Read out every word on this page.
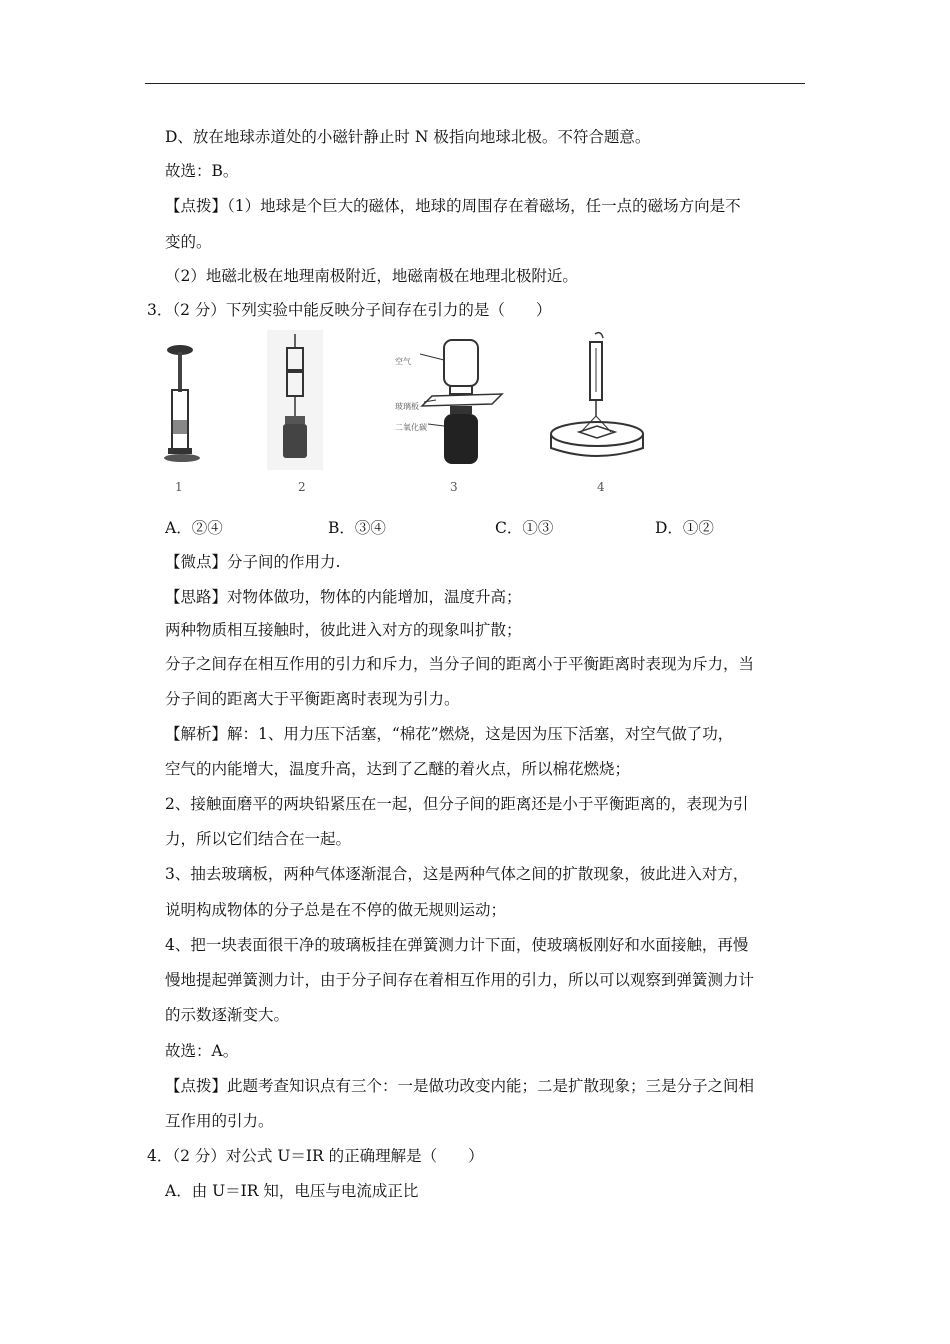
D、放在地球赤道处的小磁针静止时 N 极指向地球北极。不符合题意。
故选：B。
【点拨】（1）地球是个巨大的磁体，地球的周围存在着磁场，任一点的磁场方向是不
变的。
（2）地磁北极在地理南极附近，地磁南极在地理北极附近。
3．（2 分）下列实验中能反映分子间存在引力的是（　　）
1	2
空气
玻璃板
二氧化碳
3	4
A．②④	B．③④	C．①③	D．①②
【微点】分子间的作用力.
【思路】对物体做功，物体的内能增加，温度升高；
两种物质相互接触时，彼此进入对方的现象叫扩散；
分子之间存在相互作用的引力和斥力，当分子间的距离小于平衡距离时表现为斥力，当
分子间的距离大于平衡距离时表现为引力。
【解析】解：1、用力压下活塞，“棉花”燃烧，这是因为压下活塞，对空气做了功，
空气的内能增大，温度升高，达到了乙醚的着火点，所以棉花燃烧；
2、接触面磨平的两块铅紧压在一起，但分子间的距离还是小于平衡距离的，表现为引
力，所以它们结合在一起。
3、抽去玻璃板，两种气体逐渐混合，这是两种气体之间的扩散现象，彼此进入对方，
说明构成物体的分子总是在不停的做无规则运动；
4、把一块表面很干净的玻璃板挂在弹簧测力计下面，使玻璃板刚好和水面接触，再慢
慢地提起弹簧测力计，由于分子间存在着相互作用的引力，所以可以观察到弹簧测力计
的示数逐渐变大。
故选：A。
【点拨】此题考查知识点有三个：一是做功改变内能；二是扩散现象；三是分子之间相
互作用的引力。
4．（2 分）对公式 U＝IR 的正确理解是（　　）
A．由 U＝IR 知，电压与电流成正比
